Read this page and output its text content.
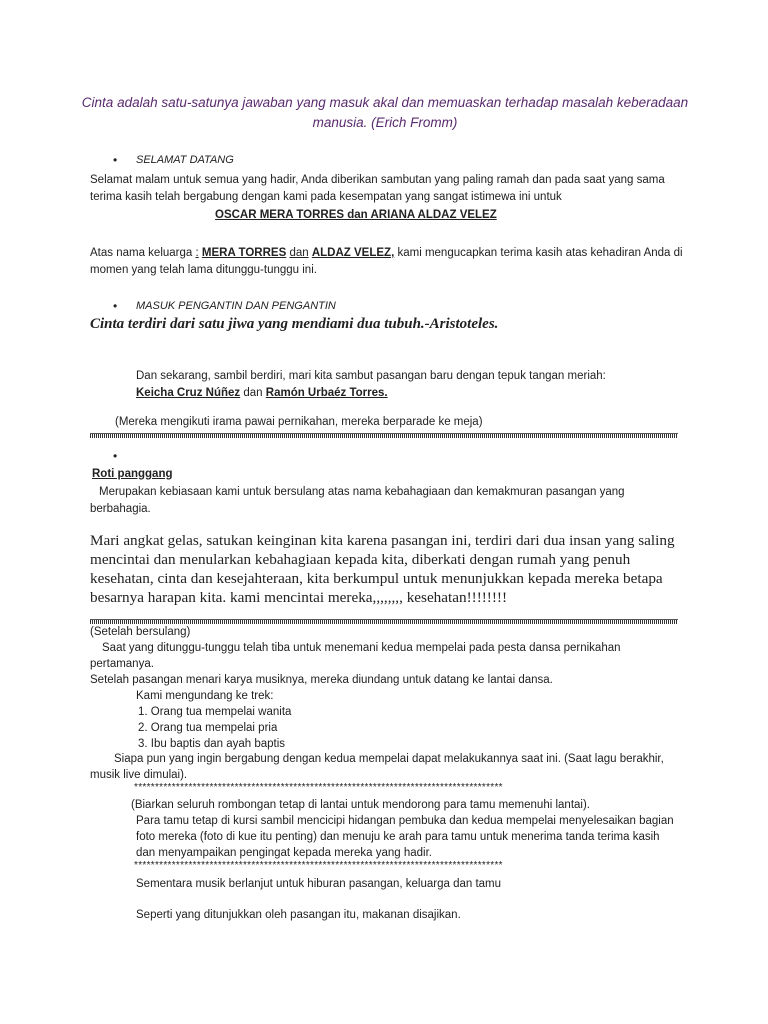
Cinta adalah satu-satunya jawaban yang masuk akal dan memuaskan terhadap masalah keberadaan manusia. (Erich Fromm)
• SELAMAT DATANG
Selamat malam untuk semua yang hadir, Anda diberikan sambutan yang paling ramah dan pada saat yang sama
terima kasih telah bergabung dengan kami pada kesempatan yang sangat istimewa ini untuk
OSCAR MERA TORRES dan ARIANA ALDAZ VELEZ
Atas nama keluarga : MERA TORRES dan ALDAZ VELEZ, kami mengucapkan terima kasih atas kehadiran Anda di
momen yang telah lama ditunggu-tunggu ini.
• MASUK PENGANTIN DAN PENGANTIN
Cinta terdiri dari satu jiwa yang mendiami dua tubuh.-Aristoteles.
Dan sekarang, sambil berdiri, mari kita sambut pasangan baru dengan tepuk tangan meriah:
Keicha Cruz Núñez dan Ramón Urbaéz Torres.
(Mereka mengikuti irama pawai pernikahan, mereka berparade ke meja)
•
Roti panggang
Merupakan kebiasaan kami untuk bersulang atas nama kebahagiaan dan kemakmuran pasangan yang
berbahagia.
Mari angkat gelas, satukan keinginan kita karena pasangan ini, terdiri dari dua insan yang saling
mencintai dan menularkan kebahagiaan kepada kita, diberkati dengan rumah yang penuh
kesehatan, cinta dan kesejahteraan, kita berkumpul untuk menunjukkan kepada mereka betapa
besarnya harapan kita. kami mencintai mereka,,,,,,,, kesehatan!!!!!!!!
(Setelah bersulang)
Saat yang ditunggu-tunggu telah tiba untuk menemani kedua mempelai pada pesta dansa pernikahan
pertamanya.
Setelah pasangan menari karya musiknya, mereka diundang untuk datang ke lantai dansa.
Kami mengundang ke trek:
1. Orang tua mempelai wanita
2. Orang tua mempelai pria
3. Ibu baptis dan ayah baptis
Siapa pun yang ingin bergabung dengan kedua mempelai dapat melakukannya saat ini. (Saat lagu berakhir,
musik live dimulai).
****************************************************************************************
(Biarkan seluruh rombongan tetap di lantai untuk mendorong para tamu memenuhi lantai).
Para tamu tetap di kursi sambil mencicipi hidangan pembuka dan kedua mempelai menyelesaikan bagian
foto mereka (foto di kue itu penting) dan menuju ke arah para tamu untuk menerima tanda terima kasih
dan menyampaikan pengingat kepada mereka yang hadir.
****************************************************************************************
Sementara musik berlanjut untuk hiburan pasangan, keluarga dan tamu
Seperti yang ditunjukkan oleh pasangan itu, makanan disajikan.
